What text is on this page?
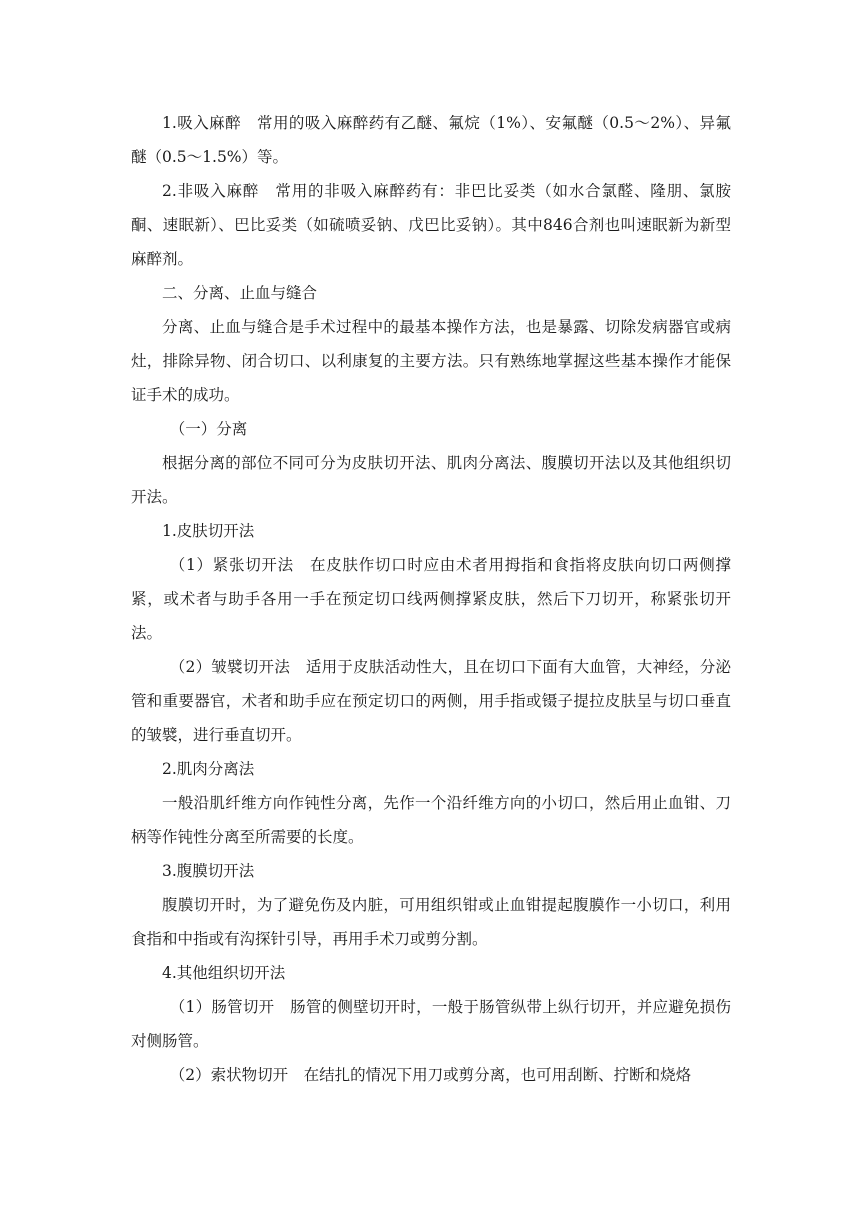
1.吸入麻醉 常用的吸入麻醉药有乙醚、氟烷（1%）、安氟醚（0.5～2%）、异氟醚（0.5～1.5%）等。

2.非吸入麻醉 常用的非吸入麻醉药有：非巴比妥类（如水合氯醛、隆朋、氯胺酮、速眠新）、巴比妥类（如硫喷妥钠、戊巴比妥钠）。其中846合剂也叫速眠新为新型麻醉剂。

二、分离、止血与缝合

分离、止血与缝合是手术过程中的最基本操作方法，也是暴露、切除发病器官或病灶，排除异物、闭合切口、以利康复的主要方法。只有熟练地掌握这些基本操作才能保证手术的成功。

（一）分离

根据分离的部位不同可分为皮肤切开法、肌肉分离法、腹膜切开法以及其他组织切开法。

1.皮肤切开法

（1）紧张切开法 在皮肤作切口时应由术者用拇指和食指将皮肤向切口两侧撑紧，或术者与助手各用一手在预定切口线两侧撑紧皮肤，然后下刀切开，称紧张切开法。

（2）皱襞切开法 适用于皮肤活动性大，且在切口下面有大血管，大神经，分泌管和重要器官，术者和助手应在预定切口的两侧，用手指或镊子提拉皮肤呈与切口垂直的皱襞，进行垂直切开。

2.肌肉分离法

一般沿肌纤维方向作钝性分离，先作一个沿纤维方向的小切口，然后用止血钳、刀柄等作钝性分离至所需要的长度。

3.腹膜切开法

腹膜切开时，为了避免伤及内脏，可用组织钳或止血钳提起腹膜作一小切口，利用食指和中指或有沟探针引导，再用手术刀或剪分割。

4.其他组织切开法

（1）肠管切开 肠管的侧壁切开时，一般于肠管纵带上纵行切开，并应避免损伤对侧肠管。

（2）索状物切开 在结扎的情况下用刀或剪分离，也可用刮断、拧断和烧烙
